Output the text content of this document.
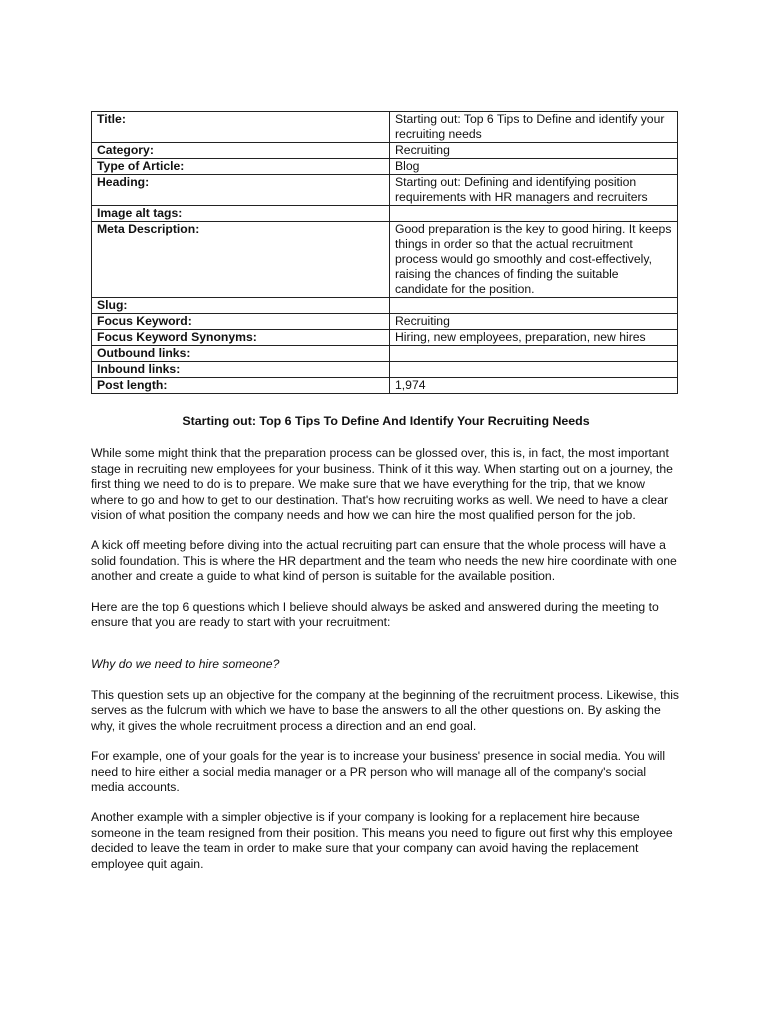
Title:	Starting out: Top 6 Tips to Define and identify your recruiting needs
Category:	Recruiting
Type of Article:	Blog
Heading:	Starting out: Defining and identifying position requirements with HR managers and recruiters
Image alt tags:	
Meta Description:	Good preparation is the key to good hiring. It keeps things in order so that the actual recruitment process would go smoothly and cost-effectively, raising the chances of finding the suitable candidate for the position.
Slug:	
Focus Keyword:	Recruiting
Focus Keyword Synonyms:	Hiring, new employees, preparation, new hires
Outbound links:	
Inbound links:	
Post length:	1,974
Starting out: Top 6 Tips To Define And Identify Your Recruiting Needs

While some might think that the preparation process can be glossed over, this is, in fact, the most important stage in recruiting new employees for your business. Think of it this way. When starting out on a journey, the first thing we need to do is to prepare. We make sure that we have everything for the trip, that we know where to go and how to get to our destination. That's how recruiting works as well. We need to have a clear vision of what position the company needs and how we can hire the most qualified person for the job.

A kick off meeting before diving into the actual recruiting part can ensure that the whole process will have a solid foundation. This is where the HR department and the team who needs the new hire coordinate with one another and create a guide to what kind of person is suitable for the available position.

Here are the top 6 questions which I believe should always be asked and answered during the meeting to ensure that you are ready to start with your recruitment:

Why do we need to hire someone?

This question sets up an objective for the company at the beginning of the recruitment process. Likewise, this serves as the fulcrum with which we have to base the answers to all the other questions on. By asking the why, it gives the whole recruitment process a direction and an end goal.

For example, one of your goals for the year is to increase your business' presence in social media. You will need to hire either a social media manager or a PR person who will manage all of the company's social media accounts.

Another example with a simpler objective is if your company is looking for a replacement hire because someone in the team resigned from their position. This means you need to figure out first why this employee decided to leave the team in order to make sure that your company can avoid having the replacement employee quit again.
